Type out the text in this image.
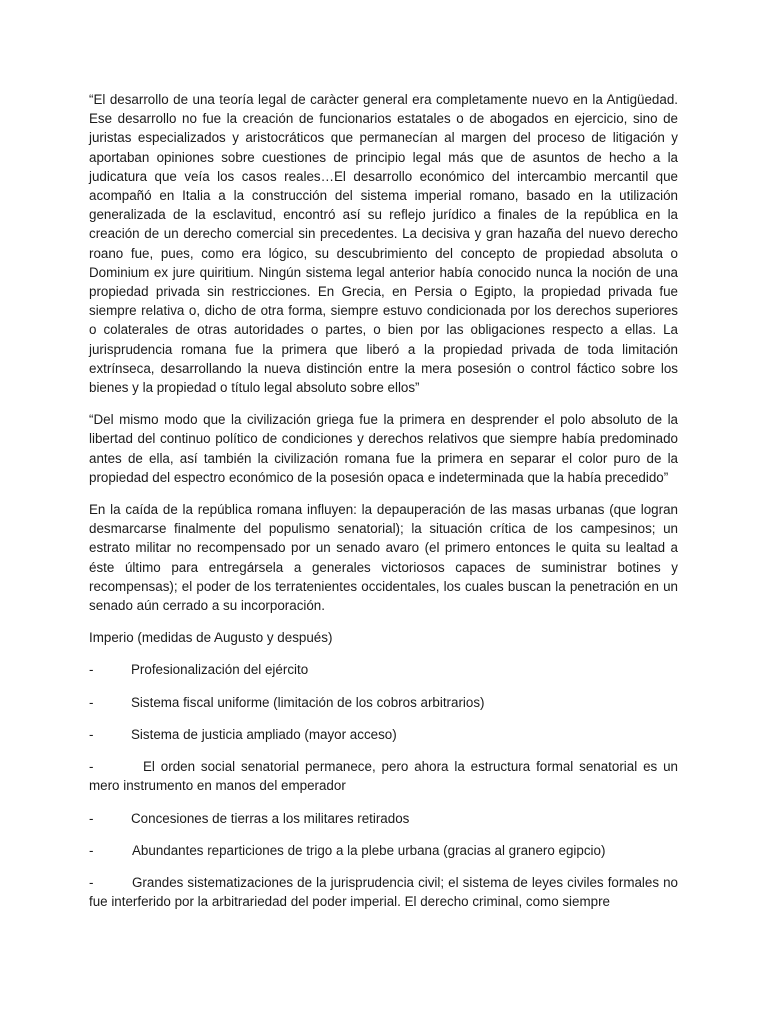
“El desarrollo de una teoría legal de caràcter general era completamente nuevo en la Antigüedad. Ese desarrollo no fue la creación de funcionarios estatales o de abogados en ejercicio, sino de juristas especializados y aristocráticos que permanecían al margen del proceso de litigación y aportaban opiniones sobre cuestiones de principio legal más que de asuntos de hecho a la judicatura que veía los casos reales…El desarrollo económico del intercambio mercantil que acompañó en Italia a la construcción del sistema imperial romano, basado en la utilización generalizada de la esclavitud, encontró así su reflejo jurídico a finales de la república en la creación de un derecho comercial sin precedentes. La decisiva y gran hazaña del nuevo derecho roano fue, pues, como era lógico, su descubrimiento del concepto de propiedad absoluta o Dominium ex jure quiritium. Ningún sistema legal anterior había conocido nunca la noción de una propiedad privada sin restricciones. En Grecia, en Persia o Egipto, la propiedad privada fue siempre relativa o, dicho de otra forma, siempre estuvo condicionada por los derechos superiores o colaterales de otras autoridades o partes, o bien por las obligaciones respecto a ellas. La jurisprudencia romana fue la primera que liberó a la propiedad privada de toda limitación extrínseca, desarrollando la nueva distinción entre la mera posesión o control fáctico sobre los bienes y la propiedad o título legal absoluto sobre ellos”

“Del mismo modo que la civilización griega fue la primera en desprender el polo absoluto de la libertad del continuo político de condiciones y derechos relativos que siempre había predominado antes de ella, así también la civilización romana fue la primera en separar el color puro de la propiedad del espectro económico de la posesión opaca e indeterminada que la había precedido”

En la caída de la república romana influyen: la depauperación de las masas urbanas (que logran desmarcarse finalmente del populismo senatorial); la situación crítica de los campesinos; un estrato militar no recompensado por un senado avaro (el primero entonces le quita su lealtad a éste último para entregársela a generales victoriosos capaces de suministrar botines y recompensas); el poder de los terratenientes occidentales, los cuales buscan la penetración en un senado aún cerrado a su incorporación.

Imperio (medidas de Augusto y después)

-	Profesionalización del ejército

-	Sistema fiscal uniforme (limitación de los cobros arbitrarios)

-	Sistema de justicia ampliado (mayor acceso)

-	El orden social senatorial permanece, pero ahora la estructura formal senatorial es un mero instrumento en manos del emperador

-	Concesiones de tierras a los militares retirados

-	Abundantes reparticiones de trigo a la plebe urbana (gracias al granero egipcio)

-	Grandes sistematizaciones de la jurisprudencia civil; el sistema de leyes civiles formales no fue interferido por la arbitrariedad del poder imperial. El derecho criminal, como siempre
